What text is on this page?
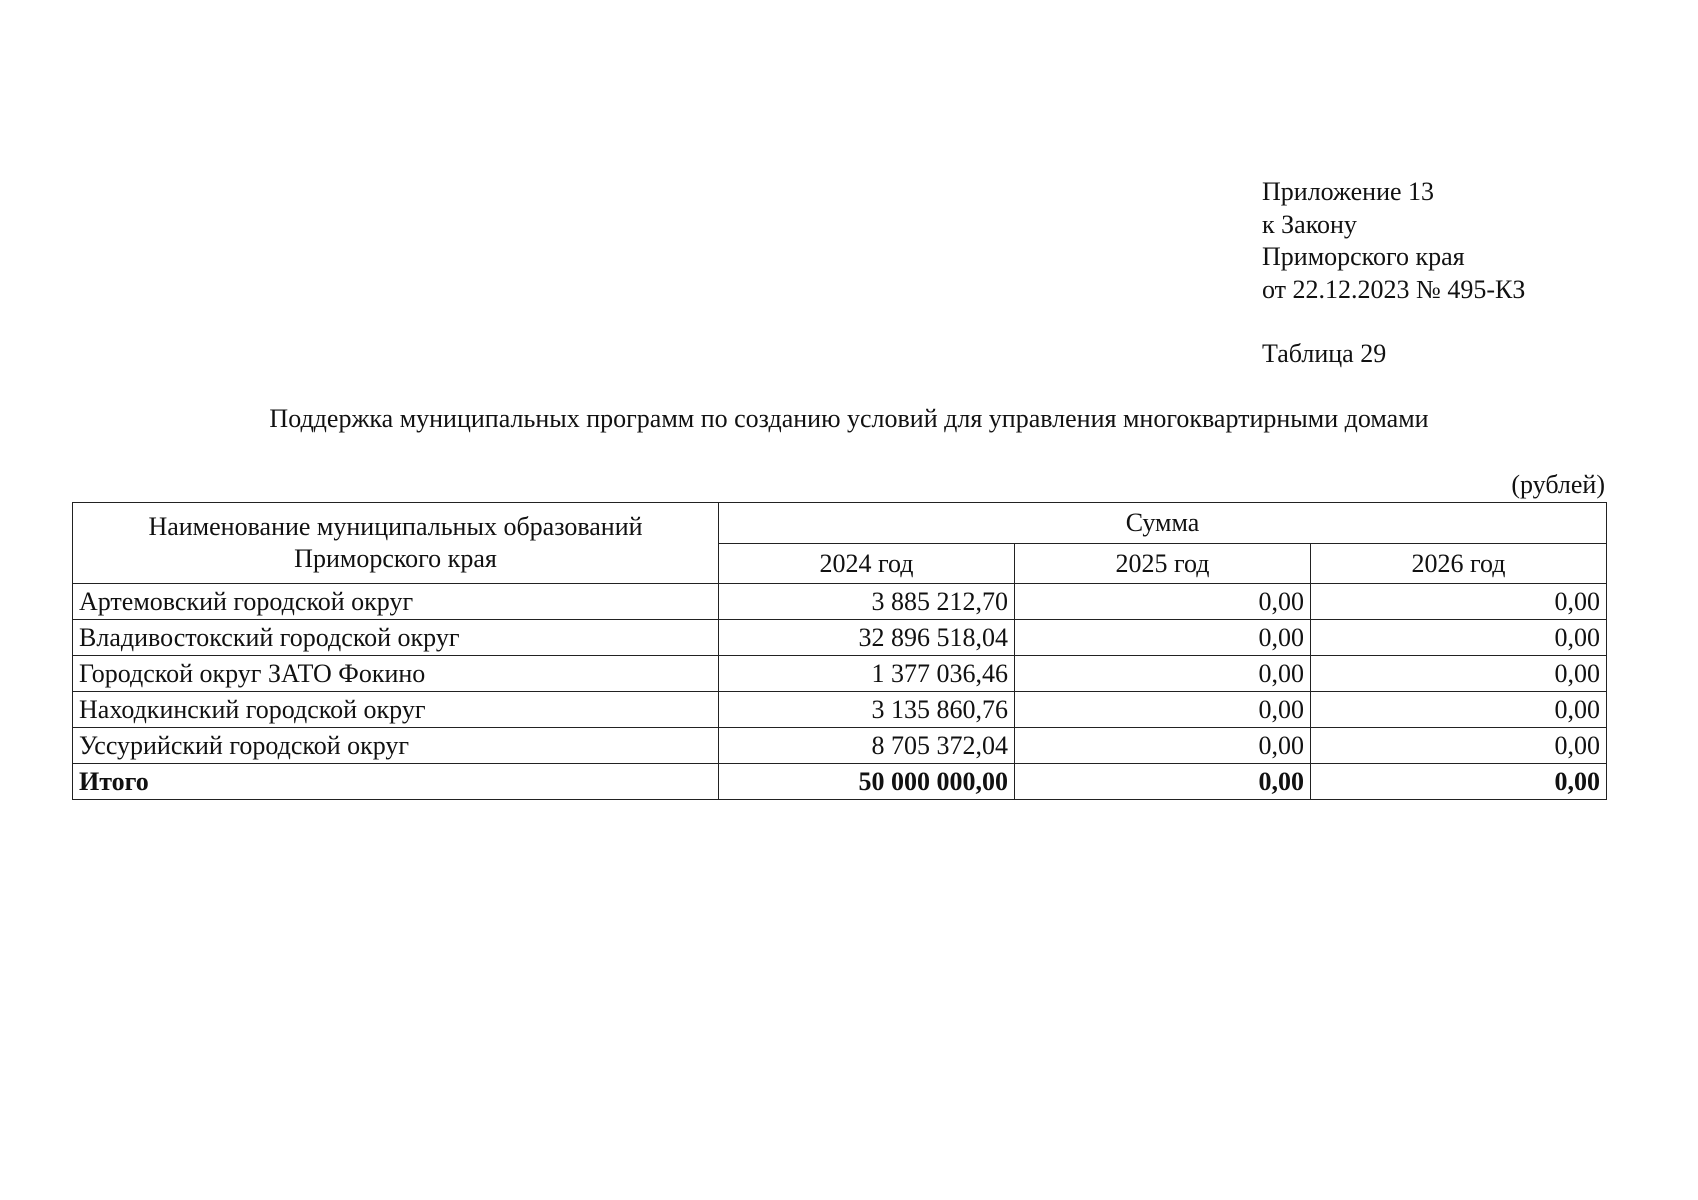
Приложение 13
к Закону
Приморского края
от 22.12.2023 № 495-КЗ
Таблица 29
Поддержка муниципальных программ по созданию условий для управления многоквартирными домами
(рублей)
Наименование муниципальных образований
Приморского края	Сумма		
	2024 год	2025 год	2026 год
Артемовский городской округ	3 885 212,70	0,00	0,00
Владивостокский городской округ	32 896 518,04	0,00	0,00
Городской округ ЗАТО Фокино	1 377 036,46	0,00	0,00
Находкинский городской округ	3 135 860,76	0,00	0,00
Уссурийский городской округ	8 705 372,04	0,00	0,00
Итого	50 000 000,00	0,00	0,00
